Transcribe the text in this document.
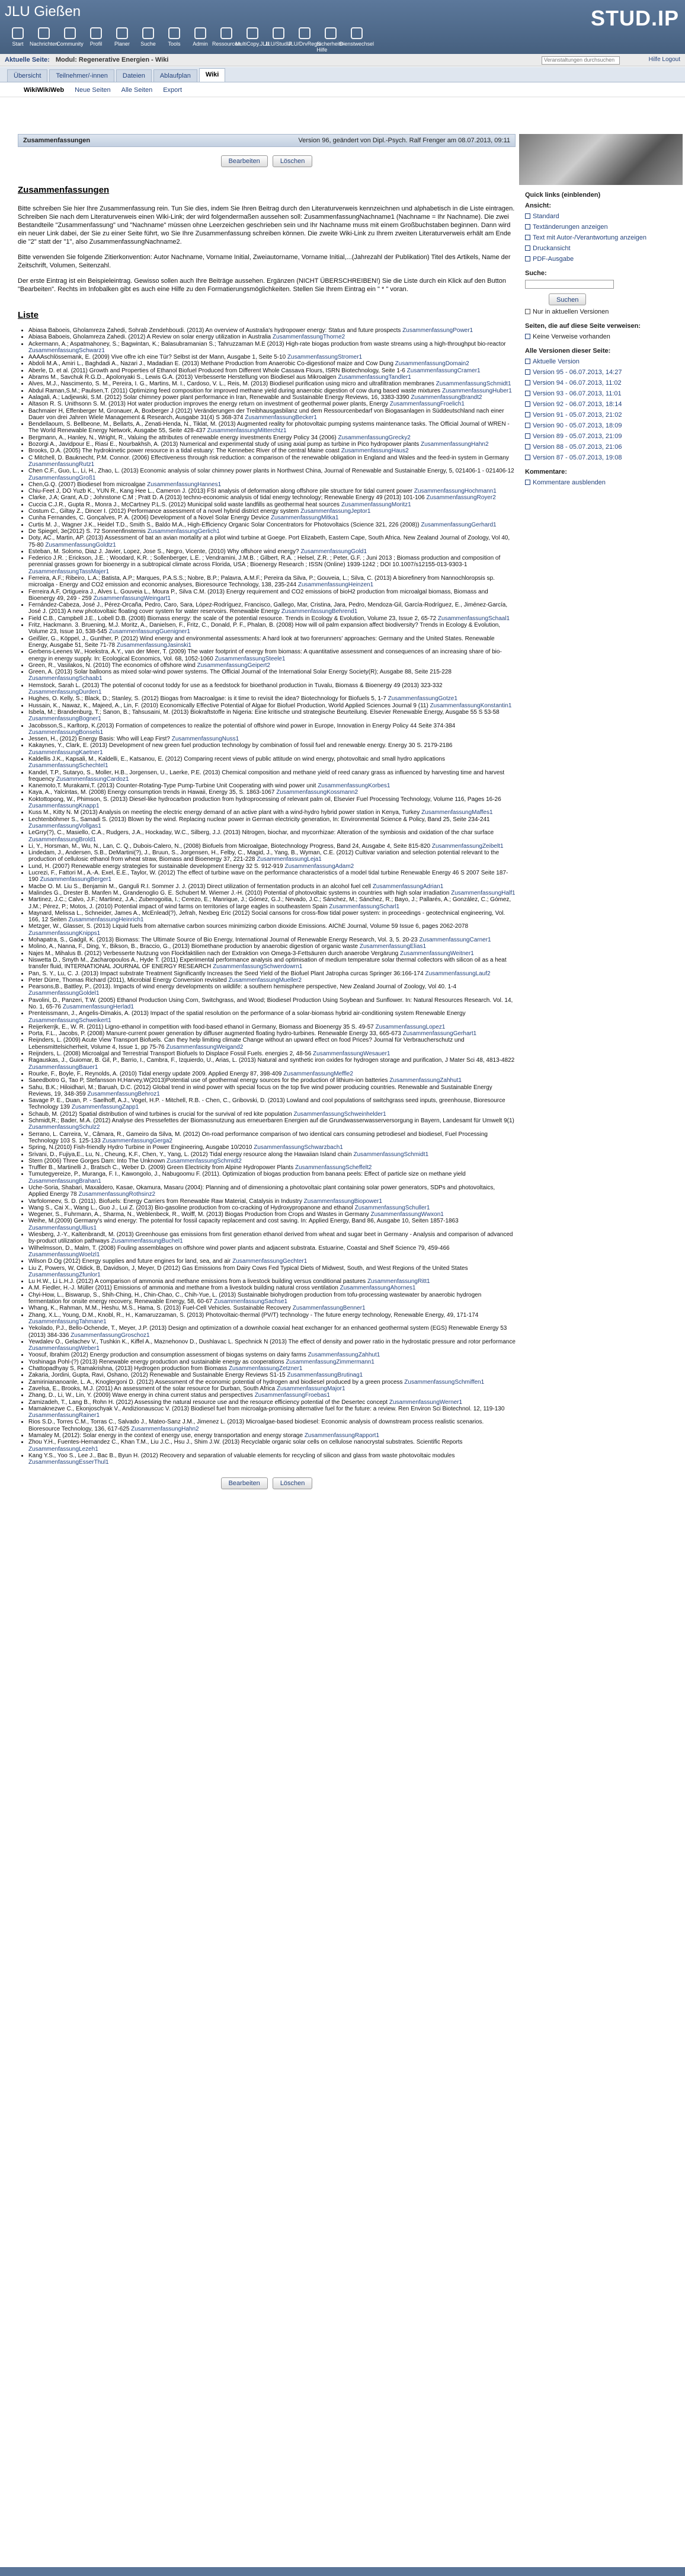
JLU Gießen	STUD.IP
Start Nachrichten
Community Profil Planer Suche Tools Admin Ressourcen
MultiCopy.JLU
JLU/StudIP
JLU/DrvRegis
Sicherheits-Hilfe
Dienstwechsel
Aktuelle Seite: Modul: Regenerative Energien - Wiki	Veranstaltungen durchsuchen	Hilfe Logout
Übersicht	Teilnehmer/-innen	Dateien	Ablaufplan	Wiki
WikiWikiWeb Neue Seiten Alle Seiten Export
Zusammenfassungen	Version 96, geändert von Dipl.-Psych. Ralf Frenger am 08.07.2013, 09:11
Bearbeiten	Löschen
Zusammenfassungen
Bitte schreiben Sie hier Ihre Zusammenfassung rein. Tun Sie dies, indem Sie Ihren Beitrag durch den Literaturverweis kennzeichnen und alphabetisch in die Liste eintragen. Schreiben Sie nach dem Literaturverweis einen Wiki-Link; der wird folgendermaßen aussehen soll: ZusammenfassungNachname1 (Nachname = Ihr Nachname). Die zwei Bestandteile "Zusammenfassung" und "Nachname" müssen ohne Leerzeichen geschrieben sein und Ihr Nachname muss mit einem Großbuchstaben beginnen. Dann wird ein neuer Link dabei, der Sie zu einer Seite führt, wo Sie Ihre Zusammenfassung schreiben können. Die zweite Wiki-Link zu Ihrem zweiten Literaturverweis erhält am Ende die "2" statt der "1", also ZusammenfassungNachname2.
Bitte verwenden Sie folgende Zitierkonvention: Autor Nachname, Vorname Initial, Zweiautorname, Vorname Initial,...(Jahrezahl der Publikation) Titel des Artikels, Name der Zeitschrift, Volumen, Seitenzahl.
Der erste Eintrag ist ein Beispieleintrag. Gewisso sollen auch Ihre Beiträge aussehen. Ergänzen (NICHT ÜBERSCHREIBEN!) Sie die Liste durch ein Klick auf den Button "Bearbeiten". Rechts im Infobalken gibt es auch eine Hilfe zu den Formatierungsmöglichkeiten. Stellen Sie Ihrem Eintrag ein " * " voran.
Liste
• Abiasa Baboeis, Gholamreza Zahedi, Sohrab Zendehboudi. (2013) An overview of Australia's hydropower energy: Status and future prospects ZusammenfassungPower1
• Abiasa Baboeis, Gholamreza Zahedi. (2012) A Review on solar energy utilization in Australia ZusammenfassungThorne2
• Ackermann, A.; Aspatmahoney, S.; Bagwintan, K.; Balasubramanian S.; Tahruzzaman M.E (2013) High-rate biogas production from waste streams using a high-throughput bio-reactor ZusammenfassungSchwarz1
• AAAAschlössemank, E. (2009) Vive offre ich eine Tür? Selbst ist der Mann, Ausgabe 1, Seite 5-10 ZusammenfassungStromer1
• Abdoli M.A., Amiri L., Baghdadi A., Nazari J., Madadian E. (2013) Methane Production from Anaerobic Co-digestionof maize and Cow Dung ZusammenfassungDomain2
• Aberle, D. et al. (2011) Growth and Properties of Ethanol Biofuel Produced from Different Whole Cassava Flours, ISRN Biotechnology, Seite 1-6 ZusammenfassungCramer1
• Abrams M., Savchuk R.G.D., Apolonyaki S., Lewis G.A. (2013) Verbesserte Herstellung von Biodiesel aus Mikroalgen ZusammenfassungTandler1
• Alves, M.J., Nascimento, S. M., Pereira, I. G., Martins, M. I., Cardoso, V. L., Reis, M. (2013) Biodiesel purification using micro and ultrafiltration membranes ZusammenfassungSchmidt1
• Abdul Raman,S.M.; Paulsen,T. (2011) Optimizing feed composition for improved methane yield during anaerobic digestion of cow dung based waste mixtures ZusammenfassungHuber1
• Aalagali, A.; Ladjewski, S.M. (2012) Solar chimney power plant performance in Iran, Renewable and Sustainable Energy Reviews, 16, 3383-3390 ZusammenfassungBrandt2
• Altason R. S. Unithsonn S. M. (2013) Hot water production improves the energy return on investment of geothermal power plants, Energy ZusammenfassungFroelich1
• Bachmaier H, Effenberger M, Gronauer, A, Boxberger J (2012) Veränderungen der Treibhausgasbilanz und dem Ressourcenbedarf von Biogasanlagen in Süddeutschland nach einer Dauer von drei Jahren Wiele Management & Research, Ausgabe 31(4) S 368-374 ZusammenfassungBecker1
• Bendellaoum, S. Bellbeone, M., Bellarts, A., Zenati-Henda, N., Tiklat, M. (2013) Augmented reality for photovoltaic pumping systems maintenance tasks. The Official Journal of WREN - The World Renewable Energy Network, Ausgabe 55, Seite 428-437 ZusammenfassungMitterchtz1
• Bergmann, A., Hanley, N., Wright, R., Valuing the attributes of renewable energy investments Energy Policy 34 (2006) ZusammenfassungGrecky2
• Bozorgi A., Javidpour E., Riasi E., Nourbakhsh, A. (2013) Numerical and experimental study of using axial pump as turbine in Pico hydropower plants ZusammenfassungHahn2
• Brooks, D.A. (2005) The hydrokinetic power resource in a tidal estuary: The Kennebec River of the central Maine coast ZusammenfassungHaus2
• C Mitchell, D. Bauknecht, P.M. Connor. (2006) Effectiveness through risk reduction: a comparison of the renewable obligation in England and Wales and the feed-in system in Germany ZusammenfassungRutz1
• Chen C.F., Guo, L., Li, H., Zhao, L. (2013) Economic analysis of solar chimney power plants in Northwest China, Journal of Renewable and Sustainable Energy, 5, 021406-1 - 021406-12 ZusammenfassungGroß1
• Chen,G.Q. (2007) Biodiesel from microalgae ZusammenfassungHannes1
• Chiu-Feet J, DO Yuzb K., YUN R., Kang Hee L., Cameron J. (2013) FSI analysis of deformation along offshore pile structure for tidal current power ZusammenfassungHochmann1
• Clarke, J.A; Grant, A.D ; Johnstone C.M ; Pratt D. A (2013) techno-economic analysis of tidal energy technology; Renewable Energy 49 (2013) 101-106 ZusammenfassungRoyer2
• Cuccia C.J.R., Gupta R., Monra J., McCartney P.L.S. (2012) Municipal solid waste landfills as geothermal heat sources ZusammenfassungMoritz1
• Costum C., Giltay Z., Dincer I. (2012) Performance assessment of a novel hybrid district energy system ZusammenfassungJeptor1
• Cunha Fernandes, C. Gonçalves, P. A. (2006) Development of a Novel Solar Energy Device ZusammenfassungMitka1
• Curtis M. J., Wagner J.K., Heidel T.D., Smith S., Baldo M.A., High-Efficiency Organic Solar Concentrators for Photovoltaics (Science 321, 226 (2008)) ZusammenfassungGerhard1
• De Spiegel, 3e(2012) S. 72 Sonnenfinsternis ZusammenfassungGerlich1
• Doty, AC., Martin, AP. (2013) Assessment of bat an avian mortality at a pilot wind turbine at Goege. Port Elizabeth, Eastern Cape, South Africa. New Zealand Journal of Zoology, Vol 40, 75-80 ZusammenfassungGoldtz1
• Esteban, M. Solomo, Diaz J. Javier, Lopez, Jose S., Negro, Vicente, (2010) Why offshore wind energy? ZusammenfassungGold1
• Federico J.R. ; Erickson, J.E. ; Woodard, K.R. ; Sollenberger, L.E. ; Vendramini, J.M.B. ; Gilbert, R.A. ; Helsel, Z.R. ; Peter, G.F. ; Juni 2013 ; Biomass production and composition of perennial grasses grown for bioenergy in a subtropical climate across Florida, USA ; Bioenergy Research ; ISSN (Online) 1939-1242 ; DOI 10.1007/s12155-013-9303-1 ZusammenfassungTassMajer1
• Ferreira, A.F.; Ribeiro, L.A.; Batista, A.P.; Marques, P.A.S.S.; Nobre, B.P.; Palavra, A.M.F.; Pereira da Silva, P.; Gouveia, L.; Silva, C. (2013) A biorefinery from Nannochloropsis sp. microalga - Energy and CO2 emission and economic analyses, Bioresource Technology, 138, 235-244 ZusammenfassungHeinzen1
• Ferreira A.F, Ortigueira J., Alves L. Gouveia L., Moura P., Silva C.M. (2013) Energy requirement and CO2 emissions of bioH2 production from microalgal biomass, Biomass and Bioenergy 49, 249 - 259 ZusammenfassungWeingart1
• Fernández-Cabeza, José J., Pérez-Orcaña, Pedro, Caro, Sara, López-Rodríguez, Francisco, Gallego, Mar, Cristina, Jara, Pedro, Mendoza-Gil, García-Rodríguez, E., Jiménez-García, José J. (2013) A new photovoltaic floating cover system for water reservoirs. Renewable Energy ZusammenfassungBehrend1
• Field C.B., Campbell J.E., Lobell D.B. (2008) Biomass energy: the scale of the potential resource. Trends in Ecology & Evolution, Volume 23, Issue 2, 65-72 ZusammenfassungSchaal1
• Fritz, Hackmann. 3. Bruening, M.J. Moritz, A., Danielsen, F., Fritz, C., Donald, P. F., Phalan, B. (2008) How will oil palm expansion affect biodiversity? Trends in Ecology & Evolution, Volume 23, Issue 10, 538-545 ZusammenfassungGuenigner1
• Geißler, G., Köppel, J., Gunther, P. (2012) Wind energy and environmental assessments: A hard look at two forerunners' approaches: Germany and the United States. Renewable Energy, Ausgabe 51, Seite 71-78 ZusammenfassungJasinski1
• Gerbens-Leenes W., Hoekstra, A.Y., van der Meer, T. (2009) The water footprint of energy from biomass: A quantitative assessment and consequences of an increasing share of bio-energy in energy supply. In: Ecological Economics, Vol. 68, 1052-1060 ZusammenfassungSteele1
• Green, R., Vasilakos, N. (2010) The economics of offshore wind ZusammenfassungGeipert2
• Green, A. (2013) Solar balloons as mixed solar-wind power systems. The Official Journal of the International Solar Energy Society(R); Ausgabe 88, Seite 215-228 ZusammenfassungSchaab1
• Hemstock, Sarah L. (2013) The potential of coconut toddy for use as a feedstock for bioethanol production in Tuvalu, Biomass & Bioenergy 49 (2013) 323-332 ZusammenfassungDurden1
• Hughes, O. Kelly, S.; Black, D.; Stanley, S. (2012) Biogas from Macroalgae: is it time to revisit the idea? Biotechnology for Biofuels 5, 1-7 ZusammenfassungGotze1
• Hussain, K., Nawaz, K., Majeed, A., Lin, F. (2010) Economically Effective Potential of Algae for Biofuel Production, World Applied Sciences Journal 9 (11) ZusammenfassungKonstantin1
• Isbela, M.; Brandenburg, T.; Sanon, B.; Tahsusaini, M. (2013) Biokraftstoffe in Nigeria: Eine kritische und strategische Beurteilung. Elsevier Renewable Energy, Ausgabe 55 S 53-58 ZusammenfassungBogner1
• Jacobsson,S., Karltorp, K.(2013) Formation of competences to realize the potential of offshore wind power in Europe, Innovation in Energy Policy 44 Seite 374-384 ZusammenfassungBonsels1
• Jessen, H., (2012) Energy Basis: Who will Leap First? ZusammenfassungNuss1
• Kakaynes, Y., Clark, E. (2013) Development of new green fuel production technology by combination of fossil fuel and renewable energy. Energy 30 S. 2179-2186 ZusammenfassungKaetner1
• Kaldellis J.K., Kapsali, M., Kaldelli, E., Katsanou, E. (2012) Comparing recent views of public attitude on wind energy, photovoltaic and small hydro applications ZusammenfassungSchechtel1
• Kandel, T.P., Sutaryo, S., Moller, H.B., Jorgensen, U., Laerke, P.E. (2013) Chemical composition and methane yield of reed canary grass as influenced by harvesting time and harvest frequency ZusammenfassungCardoz1
• Kanemoto,T. Murakami,T. (2013) Counter-Rotating-Type Pump-Turbine Unit Cooperating with wind power unit ZusammenfassungKorbes1
• Kaya, A., Yalcintas, M. (2008) Energy consumption trends in Hawaii, Energy 35, S. 1863-1067 ZusammenfassungKossmann2
• Koktottopong, W., Phimson, S. (2013) Diesel-like hydrocarbon production from hydroprocessing of relevant palm oil, Elsevier Fuel Processing Technology, Volume 116, Pages 16-26 ZusammenfassungKnapp1
• Kuss M., Kitty N. M (2013) Analysis on meeting the electric energy demand of an active plant with a wind-hydro hybrid power station in Kenya, Turkey ZusammenfassungMaffes1
• Lechtenböhmer S., Samadi S. (2013) Blown by the wind. Replacing nuclear power in German electricity generation, In: Environmental Science & Policy, Band 25, Seite 234-241 ZusammenfassungVollgas1
• LeGrry(?), C., Masiello, C.A., Rudgers, J.A., Hockaday, W.C., Silberg, J.J. (2013) Nitrogen, biochar, and mycorrhizae: Alteration of the symbiosis and oxidation of the char surface ZusammenfassungBrold1
• Li, Y., Horsman, M., Wu, N., Lan, C. Q., Dubois-Calero, N., (2008) Biofuels from Microalgae, Biotechnology Progress, Band 24, Ausgabe 4, Seite 815-820 ZusammenfassungZeibelt1
• Lindedam, J., Andersen, S.B., DeMartini(?), J., Bruun, S., Jorgensen, H., Felby, C., Magid, J., Yang, B., Wyman, C.E. (2012) Cultivar variation and selection potential relevant to the production of cellulosic ethanol from wheat straw, Biomass and Bioenergy 37, 221-228 ZusammenfassungLeja1
• Lund, H. (2007) Renewable energy strategies for sustainable development Energy 32 S. 912-919 ZusammenfassungAdam2
• Lucrezi, F., Fattori M., A.-A. Exel, E.E., Taylor, W. (2012) The effect of turbine wave on the performance characteristics of a model tidal turbine Renewable Energy 46 S 2007 Seite 187-190 ZusammenfassungBerger1
• Macbe O. M. Liu S., Benjamin M., Ganguli R.I. Sommer J. J. (2013) Direct utilization of fermentation products in an alcohol fuel cell ZusammenfassungAdrian1
• Malindes G., Drester B. Manfen M., Grandenoglio G. E. Schubert M. Wiemer J.-H. (2010) Potential of photovoltaic systems in countries with high solar irradiation ZusammenfassungHalf1
• Martinez, J.C.; Calvo, J.F.; Martinez, J.A.; Zuberogoitia, I.; Cerezo, E.; Manrique, J.; Gómez, G.J.; Nevado, J.C.; Sánchez, M.; Sánchez, R.; Bayo, J.; Pallarés, A.; González, C.; Gómez, J.M.; Pérez, P.; Motos, J. (2010) Potential impact of wind farms on territories of large eagles in southeastern Spain ZusammenfassungScharl1
• Maynard, Melissa L., Schneider, James A., McEnlead(?), Jefrah, Nexbeg Eric (2012) Social cansons for cross-flow tidal power system: in proceedings - geotechnical engineering, Vol. 166, 12 Seiten ZusammenfassungHeinrich1
• Metzger, W., Glasser, S. (2013) Liquid fuels from alternative carbon sources minimizing carbon dioxide Emissions. AIChE Journal, Volume 59 Issue 6, pages 2062-2078 ZusammenfassungKnipps1
• Mohapatra, S., Gadgil, K. (2013) Biomass: The Ultimate Source of Bio Energy, International Journal of Renewable Energy Research, Vol. 3, 5. 20-23 ZusammenfassungCarner1
• Molino, A., Nanna, F., Ding, Y., Bikson, B., Braccio, G., (2013) Biomethane production by anaerobic digestion of organic waste ZusammenfassungElias1
• Najes M., Mihalus B. (2012) Verbesserte Nutzung von Flockfaktilien nach der Extraktion von Omega-3-Fettsäuren durch anaerobe Vergärung ZusammenfassungWeitner1
• Niswetta D., Smyth M., Zacharopoulos A., Hyde T. (2011) Experimental performance analysis and optimisation of medium temperature solar thermal collectors with silicon oil as a heat transfer fluid, INTERNATIONAL JOURNAL OF ENERGY RESEARCH ZusammenfassungSchwerdowrn1
• Pan, S. Y., Lu, C. J. (2013) Impact substrate Treatment Significantly Increases the Seed Yield of the Biofuel Plant Jatropha curcas Springer 36:166-174 ZusammenfassungLauf2
• Peter Dürre, Thomas Richard (2011), Microbial Energy Conversion revisited ZusammenfassungMueller2
• Pearsons,B., Battley, P., (2013). Impacts of wind energy developments on wildlife: a southern hemisphere perspective, New Zealand Journal of Zoology, Vol 40. 1-4 ZusammenfassungGoldel1
• Pavolini, D., Panzeri, T.W. (2005) Ethanol Production Using Corn, Switchgrass, and Wood; Biodiesel Production Using Soybean and Sunflower. In: Natural Resources Research. Vol. 14, No. 1, 65-76 ZusammenfassungHerlad1
• Prenteissmann, J., Angelis-Dimakis, A. (2013) Impact of the spatial resolution on the performance of a solar-biomass hybrid air-conditioning system Renewable Energy ZusammenfassungSchweikert1
• Reijerkerrjk, E., W. R. (2011) Ligno-ethanol in competition with food-based ethanol in Germany, Biomass and Bioenergy 35 S. 49-57 ZusammenfassungLopez1
• Porta, F.L., Jacobs, P. (2008) Manure-current power generation by diffuser augmented floating hydro-turbines. Renewable Energy 33, 665-673 ZusammenfassungGerhart1
• Reijnders, L. (2009) Acute View Transport Biofuels. Can they help limiting climate Change without an upward effect on food Prices? Journal für Verbraucherschutz und Lebensmittelsicherheit, Volume 4, Issue 1, pp 75-76 ZusammenfassungWeigand2
• Reijnders, L. (2008) Microalgal and Terrestrial Transport Biofuels to Displace Fossil Fuels. energies 2, 48-56 ZusammenfassungWesauer1
• Ragauskas, J., Guiomar, B. Gil, P., Barrio, I., Cambra, F., Izquierdo, U., Arias, L. (2013) Natural and synthetic iron oxides for hydrogen storage and purification, J Mater Sci 48, 4813-4822 ZusammenfassungBauer1
• Rourke, F., Boyle, F., Reynolds, A. (2010) Tidal energy update 2009. Applied Energy 87, 398-409 ZusammenfassungMeffle2
• Saeedbotro G, Tao P, Stefansson H,Harvey,W(2013)Potential use of geothermal energy sources for the production of lithium-ion batteries ZusammenfassungZahhut1
• Sahu, B.K.; Hiloidhari, M.; Baruah, D.C. (2012) Global trend in wind power with special focus on the top five wind power producing countries. Renewable and Sustainable Energy Reviews, 19, 348-359 ZusammenfassungBehroz1
• Savage P. E., Duan, P. - Saelhoff, A.J., Vogel, H.P. - Mitchell, R.B. - Chen, C., Gribovski, D. (2013) Lowland and cool populations of switchgrass seed inputs, greenhouse, Bioresource Technology 139 ZusammenfassungZapp1
• Schaub, M. (2012) Spatial distribution of wind turbines is crucial for the survival of red kite population ZusammenfassungSchweinhelder1
• Schmidt,R.; Bader, M.A. (2012) Analyse des Pressefettes der Biomassnutzung aus erneuerbaren Energien auf die Grundwasserwasserversorgung in Bayern, Landesamt für Umwelt 9(1) ZusammenfassungSchulz2
• Serrano, L. Carreira, V., Câmara, R., Gameiro da Silva, M. (2012) On-road performance comparison of two identical cars consuming petrodiesel and biodiesel, Fuel Processing Technology 103 S. 125-133 ZusammenfassungGerga2
• Spring, N.(2010) Fish-friendly Hydro Turbine in Power Engineering, Ausgabe 10/2010 ZusammenfassungSchwarzbach1
• Srivani, D., Fujiya,E., Lu, N., Cheung, K.F., Chen, Y., Yang, L. (2012) Tidal energy resource along the Hawaiian Island chain ZusammenfassungSchmidt1
• Stern (2006) Three Gorges Dam: Into The Unknown ZusammenfassungSchmidt2
• Truffler B., Martinelli J., Bratsch C., Weber D. (2009) Green Electricity from Alpine Hydropower Plants ZusammenfassungScheffelt2
• Tumutegyereize, P., Muranga, F. I., Kawongolo, J., Nabugoomu F. (2011). Optimization of biogas production from banana peels: Effect of particle size on methane yield ZusammenfassungBrahan1
• Uche-Soria, Shabari, Maxaldero, Kasae, Okamura, Masaru (2004): Planning and of dimensioning a photovoltaic plant containing solar power generators, SDPs and photovoltaics, Applied Energy 78 ZusammenfassungRothsinz2
• Varfolomeev, S. D. (2011). Biofuels: Energy Carriers from Renewable Raw Material, Catalysis in Industry ZusammenfassungBiopower1
• Wang S., Cai X., Wang L., Guo J., Lui Z. (2013) Bio-gasoline production from co-cracking of Hydroxypropanone and ethanol ZusammenfassungSchuller1
• Wegener, S., Fuhrmann, A., Sharma, N., Weblenbeck, R., Wolff, M. (2013) Biogas Production from Crops and Wastes in Germany ZusammenfassungWwxon1
• Weihe, M.(2009) Germany's wind energy: The potential for fossil capacity replacement and cost saving. In: Applied Energy, Band 86, Ausgabe 10, Seiten 1857-1863 ZusammenfassungUllius1
• Wiesberg, J.-Y., Kaltenbrandt, M. (2013) Greenhouse gas emissions from first generation ethanol derived from wheat and sugar beet in Germany - Analysis and comparison of advanced by-product utilization pathways ZusammenfassungBuchel1
• Wilhelmsson, D., Malm, T. (2008) Fouling assemblages on offshore wind power plants and adjacent substrata. Estuarine, Coastal and Shelf Science 79, 459-466 ZusammenfassungWoelzl1
• Wilson D.Og (2012) Energy supplies and future engines for land, sea, and air ZusammenfassungGechter1
• Liu Z, Powers, W, Oldick, B, Davidson, J, Meyer, D (2012) Gas Emissions from Dairy Cows Fed Typical Diets of Midwest, South, and West Regions of the United States ZusammenfassungZfunlor1
• Lu H.W., Li L.H.J. (2012) A comparison of ammonia and methane emissions from a livestock building versus conditional pastures ZusammenfassungRitt1
• A.M. Fiedler, H.-J. Müller (2011) Emissions of ammonia and methane from a livestock building natural cross ventilation ZusammenfassungAhornes1
• Chyi-How, L., Biswarup, S., Shih-Ching, H., Chin-Chao, C., Chih-Yue, L. (2013) Sustainable biohydrogen production from tofu-processing wastewater by anaerobic hydrogen fermentation for onsite energy recovery, Renewable Energy, 58, 60-67 ZusammenfassungSachse1
• Whang, K., Rahman, M.M., Heshu, M.S., Hama, S. (2013) Fuel-Cell Vehicles. Sustainable Recovery ZusammenfassungBenner1
• Zhang, X.L., Young, D.M., Knobl, R., H., Kamaruzzaman, S. (2013) Photovoltaic-thermal (PV/T) technology - The future energy technology, Renewable Energy, 49, 171-174 ZusammenfassungTahmane1
• Yekolado, P.J., Bello-Ochende, T., Meyer, J.P. (2013) Design and optimization of a downhole coaxial heat exchanger for an enhanced geothermal system (EGS) Renewable Energy 53 (2013) 384-336 ZusammenfassungGroschoz1
• Yewdalev O., Gelachev V., Tushkin K., Kiffel A., Maznehonov D., Dushlavac L. Spechnick N (2013) The effect of density and power ratio in the hydrostatic pressure and rotor performance ZusammenfassungWeber1
• Yoosuf, Ibrahim (2012) Energy production and consumption assessment of biogas systems on dairy farms ZusammenfassungZahhut1
• Yoshinaga Pohl-(?) (2013) Renewable energy production and sustainable energy as cooperations ZusammenfassungZimmermann1
• Chattopadhyay S, Ramakrishna, (2013) Hydrogen production from Biomass ZusammenfassungZetzner1
• Zakaria, Jordini, Gupta, Ravi, Oshano, (2012) Renewable and Sustainable Energy Reviews S1-15 ZusammenfassungBrutinag1
• Zamiriniananoanle, L. A., Knoglergoni D. (2012) Assessment of the economic potential of hydrogen and biodiesel produced by a green process ZusammenfassungSchmiffen1
• Zavelsa, E., Brooks, M.J. (2011) An assessment of the solar resource for Durban, South Africa ZusammenfassungMajor1
• Zhang, D., Li, W., Lin, Y. (2009) Wave energy in china current status and perspectives ZusammenfassungFroebas1
• Zamizadeh, T., Lang B., Rohn H. (2012) Assessing the natural resource use and the resource efficiency potential of the Desertec concept ZusammenfassungWerner1
• Mamaknezwe C., Ekonjoschyak V., Andizionauscuc V. (2013) Biodiesel fuel from microalga-promising alternative fuel for the future: a review. Ren Environ Sci Biotechnol. 12, 119-130 ZusammenfassungRainer1
• Rios S.D., Torres C.M., Torras C., Salvado J., Mateo-Sanz J.M., Jimenez L. (2013) Microalgae-based biodiesel: Economic analysis of downstream process realistic scenarios. Bioresource Technology, 136, 617-625 ZusammenfassungHahn2
• Mamaley M, (2012): Solar energy in the context of energy use, energy transportation and energy storage ZusammenfassungRapport1
• Zhou Y.H., Fuentes-Hernandez C., Khan T.M., Liu J.C., Hsu J., Shim J.W. (2013) Recyclable organic solar cells on cellulose nanocrystal substrates. Scientific Reports ZusammenfassungLezeh1
• Kang Y.S., Yoo S., Lee J., Bac B., Byun H. (2012) Recovery and separation of valuable elements for recycling of silicon and glass from waste photovoltaic modules ZusammenfassungEsserThul1
Bearbeiten	Löschen
Quick links (einblenden)
Ansicht:
Standard
Textänderungen anzeigen
Text mit Autor-/Verantwortung anzeigen
Druckansicht
PDF-Ausgabe
Suche:
Suchen
Nur in aktuellen Versionen
Seiten, die auf diese Seite verweisen:
Keine Verweise vorhanden
Alle Versionen dieser Seite:
Aktuelle Version
Version 95 - 06.07.2013, 14:27
Version 94 - 06.07.2013, 11:02
Version 93 - 06.07.2013, 11:01
Version 92 - 06.07.2013, 18:14
Version 91 - 05.07.2013, 21:02
Version 90 - 05.07.2013, 18:09
Version 89 - 05.07.2013, 21:09
Version 88 - 05.07.2013, 21:06
Version 87 - 05.07.2013, 19:08
Kommentare:
Kommentare ausblenden
